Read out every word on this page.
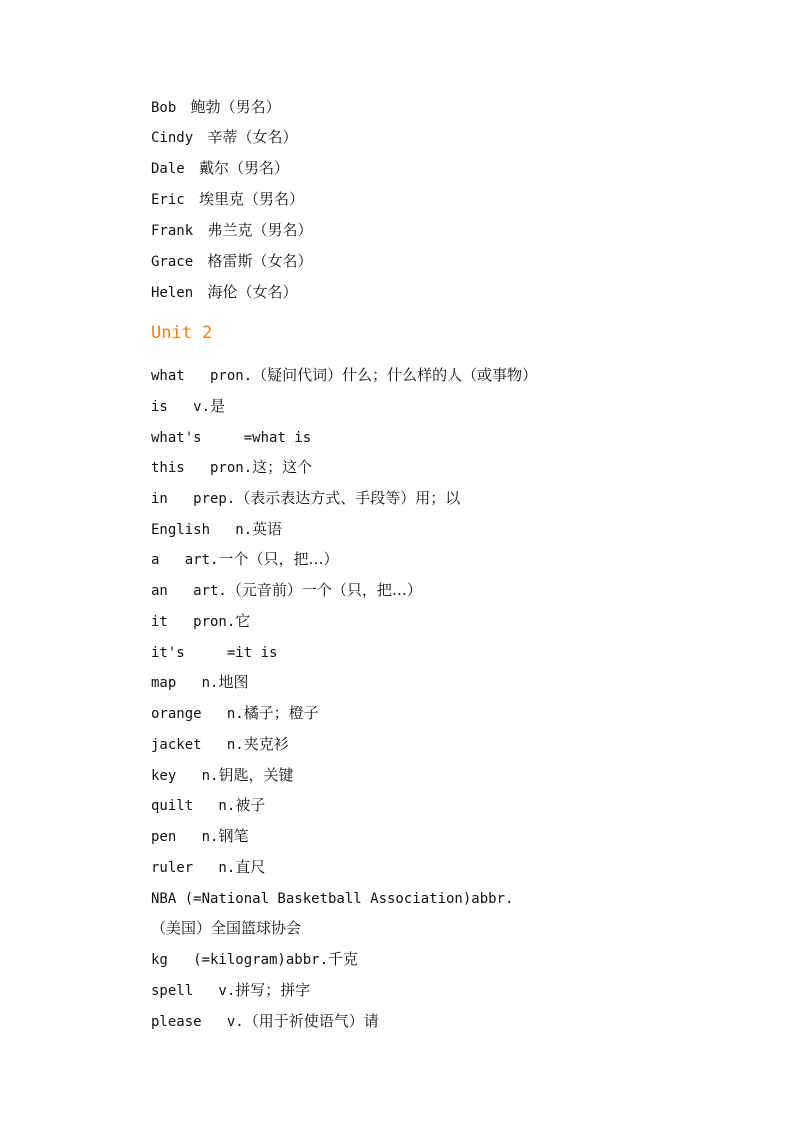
Bob 鲍勃（男名）
Cindy 辛蒂（女名）
Dale 戴尔（男名）
Eric 埃里克（男名）
Frank 弗兰克（男名）
Grace 格雷斯（女名）
Helen 海伦（女名）
Unit 2
what   pron.（疑问代词）什么；什么样的人（或事物）
is   v.是
what's     =what is
this   pron.这；这个
in   prep.（表示表达方式、手段等）用；以
English   n.英语
a   art.一个（只，把…）
an   art.（元音前）一个（只，把…）
it   pron.它
it's     =it is
map   n.地图
orange   n.橘子；橙子
jacket   n.夹克衫
key   n.钥匙，关键
quilt   n.被子
pen   n.钢笔
ruler   n.直尺
NBA (=National Basketball Association)abbr.
（美国）全国篮球协会
kg   (=kilogram)abbr.千克
spell   v.拼写；拼字
please   v.（用于祈使语气）请
